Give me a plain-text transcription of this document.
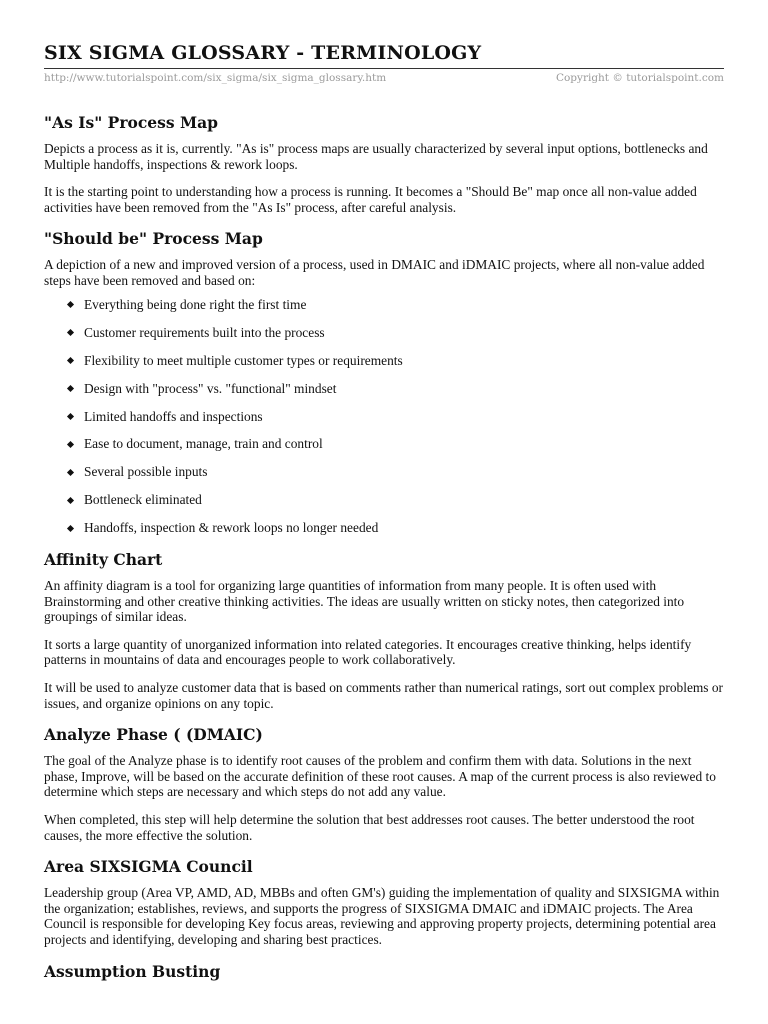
SIX SIGMA GLOSSARY - TERMINOLOGY
http://www.tutorialspoint.com/six_sigma/six_sigma_glossary.htm	Copyright © tutorialspoint.com
"As Is" Process Map

Depicts a process as it is, currently. "As is" process maps are usually characterized by several input options, bottlenecks and Multiple handoffs, inspections & rework loops.

It is the starting point to understanding how a process is running. It becomes a "Should Be" map once all non-value added activities have been removed from the "As Is" process, after careful analysis.

"Should be" Process Map

A depiction of a new and improved version of a process, used in DMAIC and iDMAIC projects, where all non-value added steps have been removed and based on:

Everything being done right the first time
Customer requirements built into the process
Flexibility to meet multiple customer types or requirements
Design with "process" vs. "functional" mindset
Limited handoffs and inspections
Ease to document, manage, train and control
Several possible inputs
Bottleneck eliminated
Handoffs, inspection & rework loops no longer needed
Affinity Chart

An affinity diagram is a tool for organizing large quantities of information from many people. It is often used with Brainstorming and other creative thinking activities. The ideas are usually written on sticky notes, then categorized into groupings of similar ideas.

It sorts a large quantity of unorganized information into related categories. It encourages creative thinking, helps identify patterns in mountains of data and encourages people to work collaboratively.

It will be used to analyze customer data that is based on comments rather than numerical ratings, sort out complex problems or issues, and organize opinions on any topic.

Analyze Phase ( (DMAIC)

The goal of the Analyze phase is to identify root causes of the problem and confirm them with data. Solutions in the next phase, Improve, will be based on the accurate definition of these root causes. A map of the current process is also reviewed to determine which steps are necessary and which steps do not add any value.

When completed, this step will help determine the solution that best addresses root causes. The better understood the root causes, the more effective the solution.

Area SIXSIGMA Council

Leadership group (Area VP, AMD, AD, MBBs and often GM's) guiding the implementation of quality and SIXSIGMA within the organization; establishes, reviews, and supports the progress of SIXSIGMA DMAIC and iDMAIC projects. The Area Council is responsible for developing Key focus areas, reviewing and approving property projects, determining potential area projects and identifying, developing and sharing best practices.

Assumption Busting
